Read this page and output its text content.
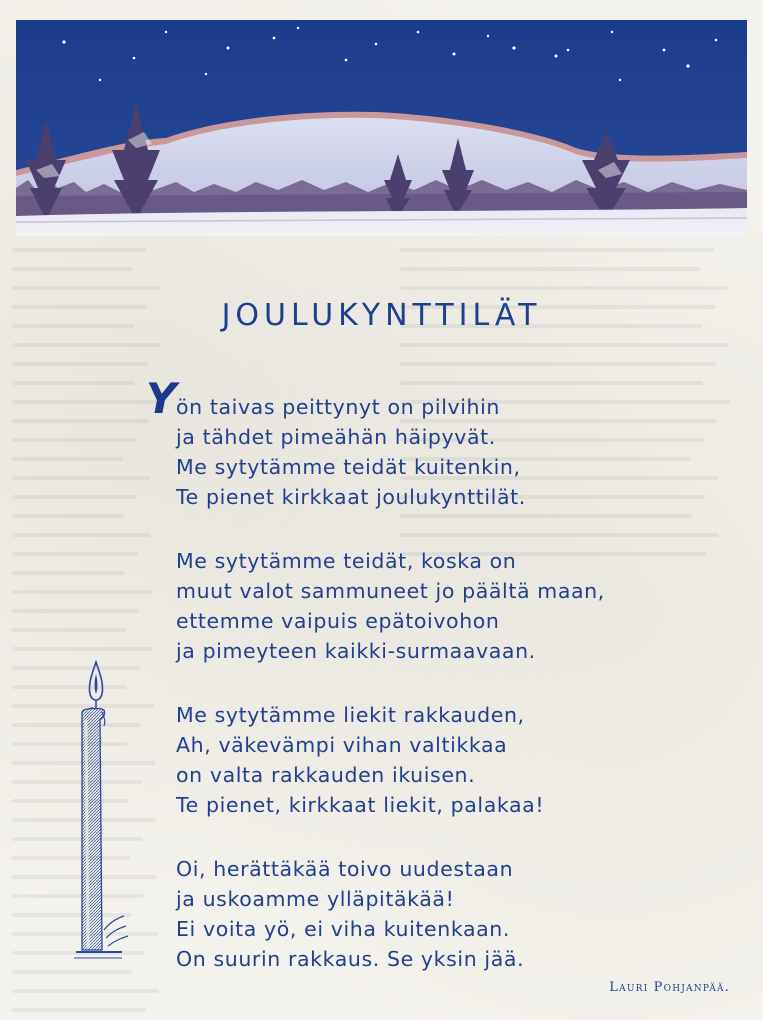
JOULUKYNTTILÄT
Y
ön taivas peittynyt on pilvihin
ja tähdet pimeähän häipyvät.
Me sytytämme teidät kuitenkin,
Te pienet kirkkaat joulukynttilät.
Me sytytämme teidät, koska on
muut valot sammuneet jo päältä maan,
ettemme vaipuis epätoivohon
ja pimeyteen kaikki-surmaavaan.
Me sytytämme liekit rakkauden,
Ah, väkevämpi vihan valtikkaa
on valta rakkauden ikuisen.
Te pienet, kirkkaat liekit, palakaa!
Oi, herättäkää toivo uudestaan
ja uskoamme ylläpitäkää!
Ei voita yö, ei viha kuitenkaan.
On suurin rakkaus. Se yksin jää.
Lauri Pohjanpää.
